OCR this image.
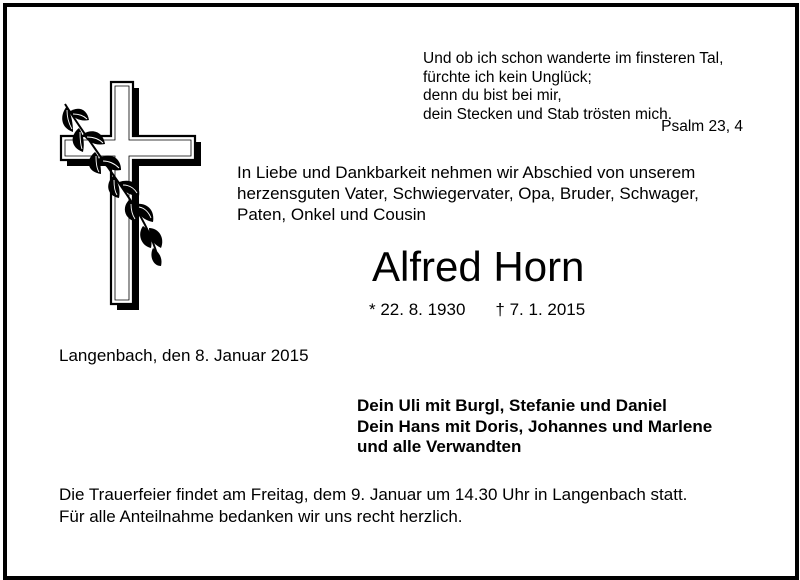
Und ob ich schon wanderte im finsteren Tal,
fürchte ich kein Unglück;
denn du bist bei mir,
dein Stecken und Stab trösten mich.
Psalm 23, 4
In Liebe und Dankbarkeit nehmen wir Abschied von unserem
herzensguten Vater, Schwiegervater, Opa, Bruder, Schwager,
Paten, Onkel und Cousin
Alfred Horn
* 22. 8. 1930 † 7. 1. 2015
Langenbach, den 8. Januar 2015
Dein Uli mit Burgl, Stefanie und Daniel
Dein Hans mit Doris, Johannes und Marlene
und alle Verwandten
Die Trauerfeier findet am Freitag, dem 9. Januar um 14.30 Uhr in Langenbach statt.
Für alle Anteilnahme bedanken wir uns recht herzlich.
